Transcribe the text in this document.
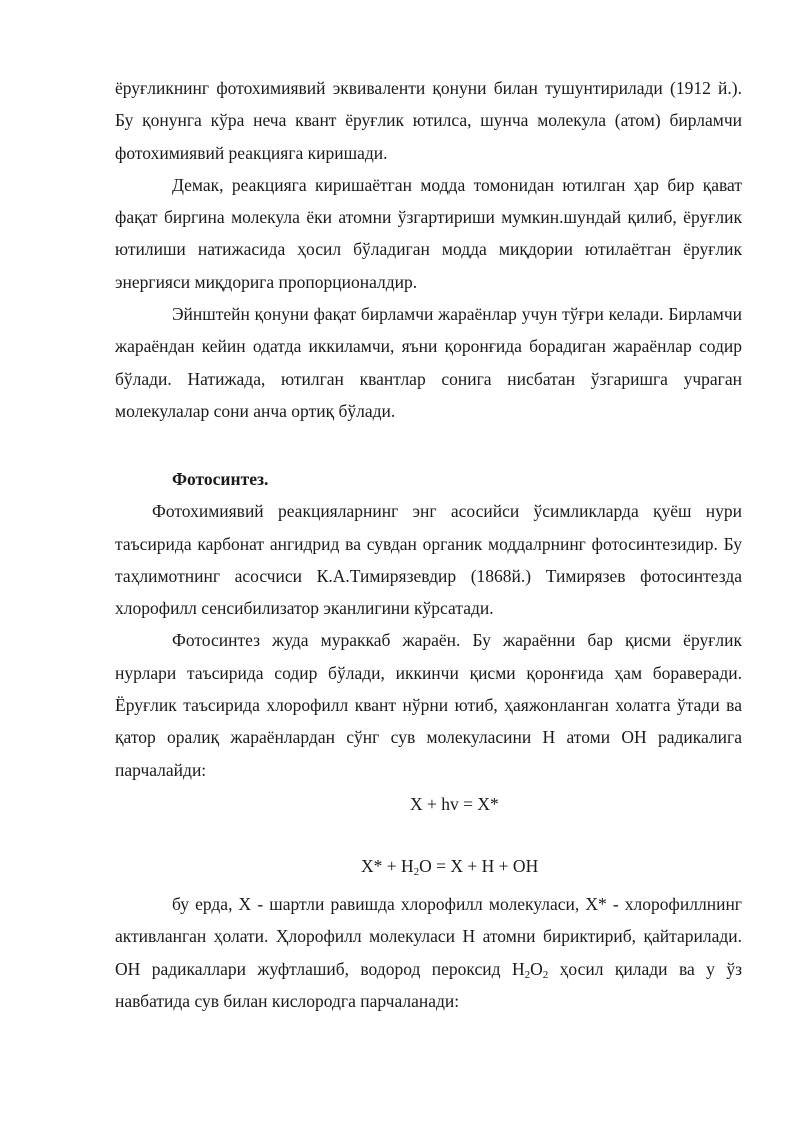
ёруғликнинг фотохимиявий эквиваленти қонуни билан тушунтирилади (1912 й.). Бу қонунга кўра неча квант ёруғлик ютилса, шунча молекула (атом) бирламчи фотохимиявий реакцияга киришади.

Демак, реакцияга киришаётган модда томонидан ютилган ҳар бир қават фақат биргина молекула ёки атомни ўзгартириши мумкин.шундай қилиб, ёруғлик ютилиши натижасида ҳосил бўладиган модда миқдории ютилаётган ёруғлик энергияси миқдорига пропорционалдир.

Эйнштейн қонуни фақат бирламчи жараёнлар учун тўғри келади. Бирламчи жараёндан кейин одатда иккиламчи, яъни қоронғида борадиган жараёнлар содир бўлади. Натижада, ютилган квантлар сонига нисбатан ўзгаришга учраган молекулалар сони анча ортиқ бўлади.

Фотосинтез.

Фотохимиявий реакцияларнинг энг асосийси ўсимликларда қуёш нури таъсирида карбонат ангидрид ва сувдан органик моддалрнинг фотосинтезидир. Бу таҳлимотнинг асосчиси К.А.Тимирязевдир (1868й.) Тимирязев фотосинтезда хлорофилл сенсибилизатор эканлигини кўрсатади.

Фотосинтез жуда мураккаб жараён. Бу жараённи бар қисми ёруғлик нурлари таъсирида содир бўлади, иккинчи қисми қоронғида ҳам бораверади. Ёруғлик таъсирида хлорофилл квант нўрни ютиб, ҳаяжонланган холатга ўтади ва қатор оралиқ жараёнлардан сўнг сув молекуласини Н атоми ОН радикалига парчалайди:

X + hv = X*

$X* + H_2O = X + H$ + OH

бу ерда, X - шартли равишда хлорофилл молекуласи, X* - хлорофиллнинг активланган ҳолати. Ҳлорофилл молекуласи Н атомни бириктириб, қайтарилади. ОН радикаллари жуфтлашиб, водород пероксид $H_2O_2$ ҳосил қилади ва у ўз навбатида сув билан кислородга парчаланади:
